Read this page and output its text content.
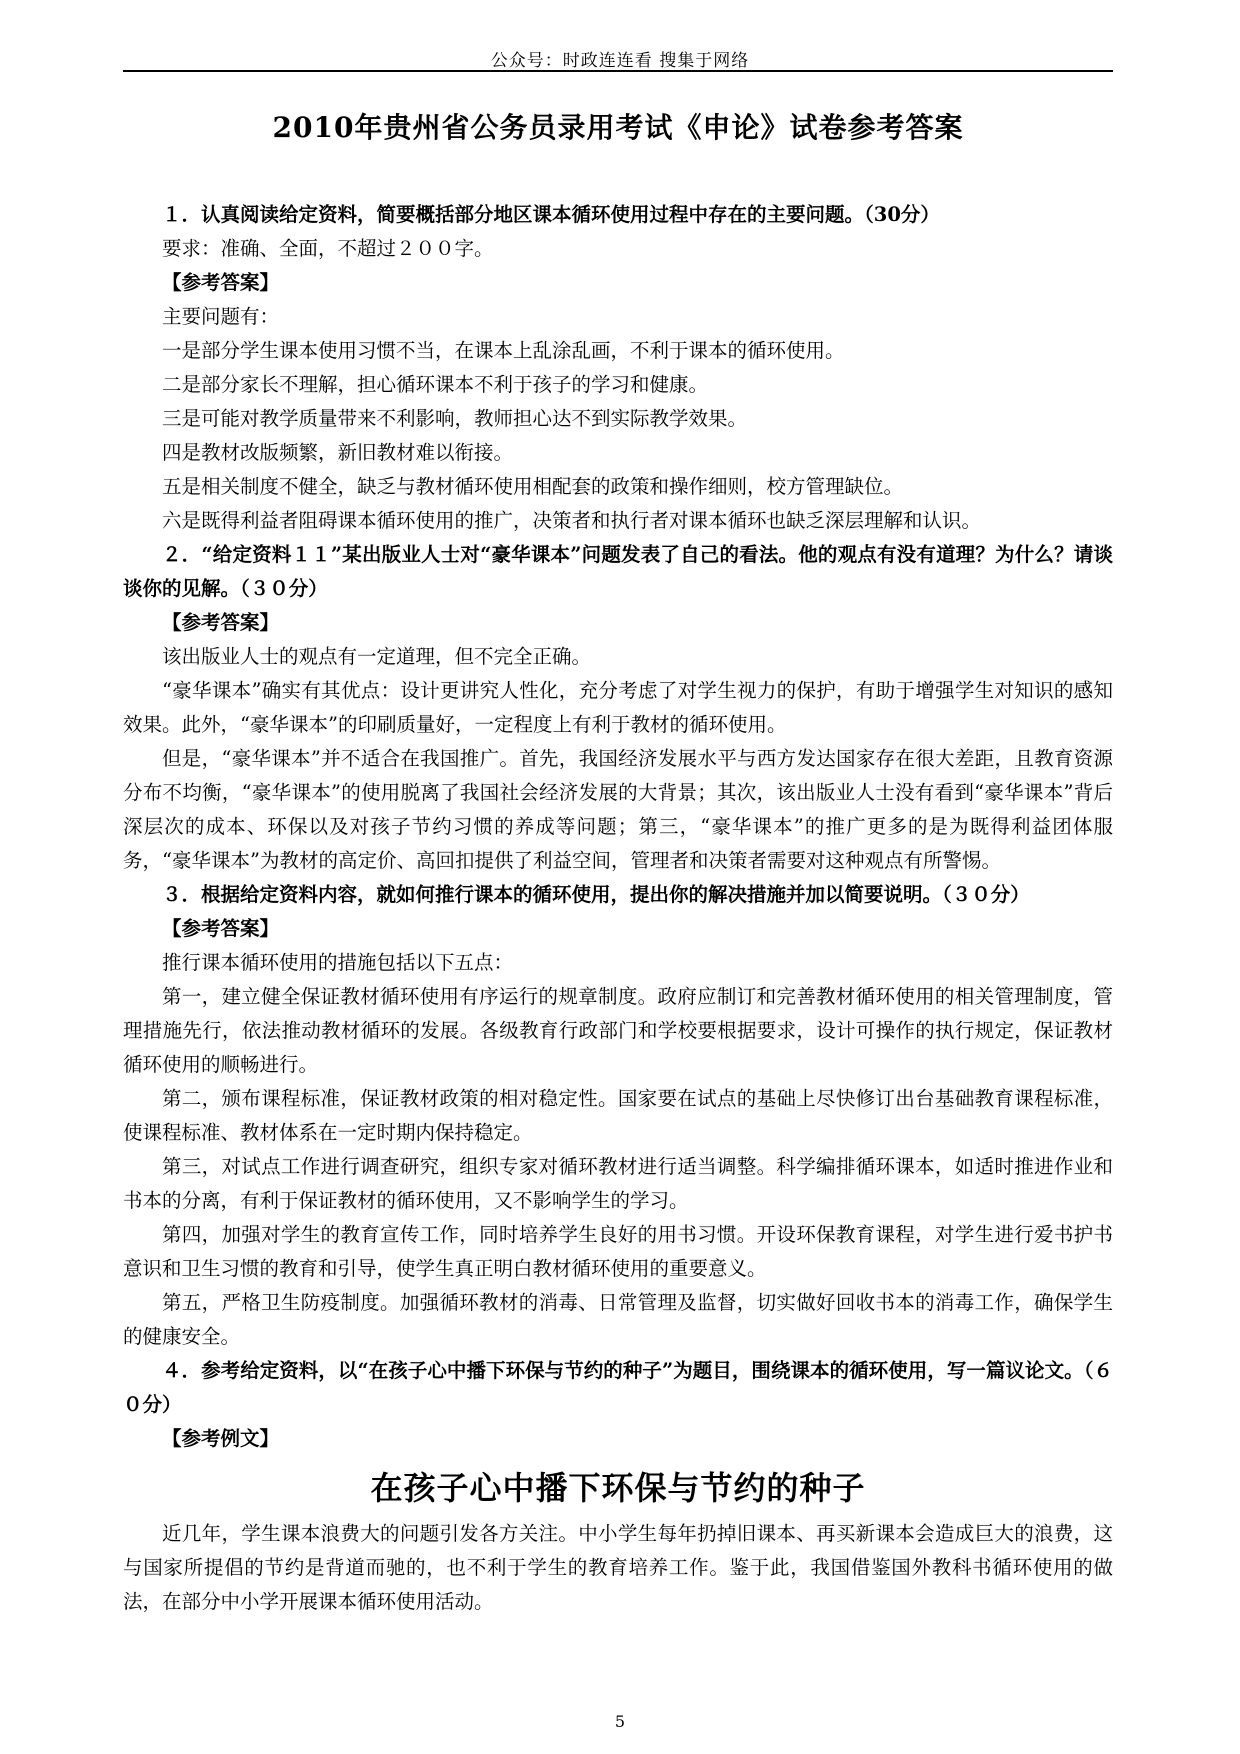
公众号：时政连连看 搜集于网络
2010年贵州省公务员录用考试《申论》试卷参考答案

１．认真阅读给定资料，简要概括部分地区课本循环使用过程中存在的主要问题。（30分）

要求：准确、全面，不超过２００字。

【参考答案】

主要问题有：

一是部分学生课本使用习惯不当，在课本上乱涂乱画，不利于课本的循环使用。

二是部分家长不理解，担心循环课本不利于孩子的学习和健康。

三是可能对教学质量带来不利影响，教师担心达不到实际教学效果。

四是教材改版频繁，新旧教材难以衔接。

五是相关制度不健全，缺乏与教材循环使用相配套的政策和操作细则，校方管理缺位。

六是既得利益者阻碍课本循环使用的推广，决策者和执行者对课本循环也缺乏深层理解和认识。

２．“给定资料１１”某出版业人士对“豪华课本”问题发表了自己的看法。他的观点有没有道理？为什么？请谈谈你的见解。（３０分）

【参考答案】

该出版业人士的观点有一定道理，但不完全正确。

“豪华课本”确实有其优点：设计更讲究人性化，充分考虑了对学生视力的保护，有助于增强学生对知识的感知效果。此外，“豪华课本”的印刷质量好，一定程度上有利于教材的循环使用。

但是，“豪华课本”并不适合在我国推广。首先，我国经济发展水平与西方发达国家存在很大差距，且教育资源分布不均衡，“豪华课本”的使用脱离了我国社会经济发展的大背景；其次，该出版业人士没有看到“豪华课本”背后深层次的成本、环保以及对孩子节约习惯的养成等问题；第三，“豪华课本”的推广更多的是为既得利益团体服务，“豪华课本”为教材的高定价、高回扣提供了利益空间，管理者和决策者需要对这种观点有所警惕。

３．根据给定资料内容，就如何推行课本的循环使用，提出你的解决措施并加以简要说明。（３０分）

【参考答案】

推行课本循环使用的措施包括以下五点：

第一，建立健全保证教材循环使用有序运行的规章制度。政府应制订和完善教材循环使用的相关管理制度，管理措施先行，依法推动教材循环的发展。各级教育行政部门和学校要根据要求，设计可操作的执行规定，保证教材循环使用的顺畅进行。

第二，颁布课程标准，保证教材政策的相对稳定性。国家要在试点的基础上尽快修订出台基础教育课程标准，使课程标准、教材体系在一定时期内保持稳定。

第三，对试点工作进行调查研究，组织专家对循环教材进行适当调整。科学编排循环课本，如适时推进作业和书本的分离，有利于保证教材的循环使用，又不影响学生的学习。

第四，加强对学生的教育宣传工作，同时培养学生良好的用书习惯。开设环保教育课程，对学生进行爱书护书意识和卫生习惯的教育和引导，使学生真正明白教材循环使用的重要意义。

第五，严格卫生防疫制度。加强循环教材的消毒、日常管理及监督，切实做好回收书本的消毒工作，确保学生的健康安全。

４．参考给定资料，以“在孩子心中播下环保与节约的种子”为题目，围绕课本的循环使用，写一篇议论文。（６０分）

【参考例文】

在孩子心中播下环保与节约的种子

近几年，学生课本浪费大的问题引发各方关注。中小学生每年扔掉旧课本、再买新课本会造成巨大的浪费，这与国家所提倡的节约是背道而驰的，也不利于学生的教育培养工作。鉴于此，我国借鉴国外教科书循环使用的做法，在部分中小学开展课本循环使用活动。

5
